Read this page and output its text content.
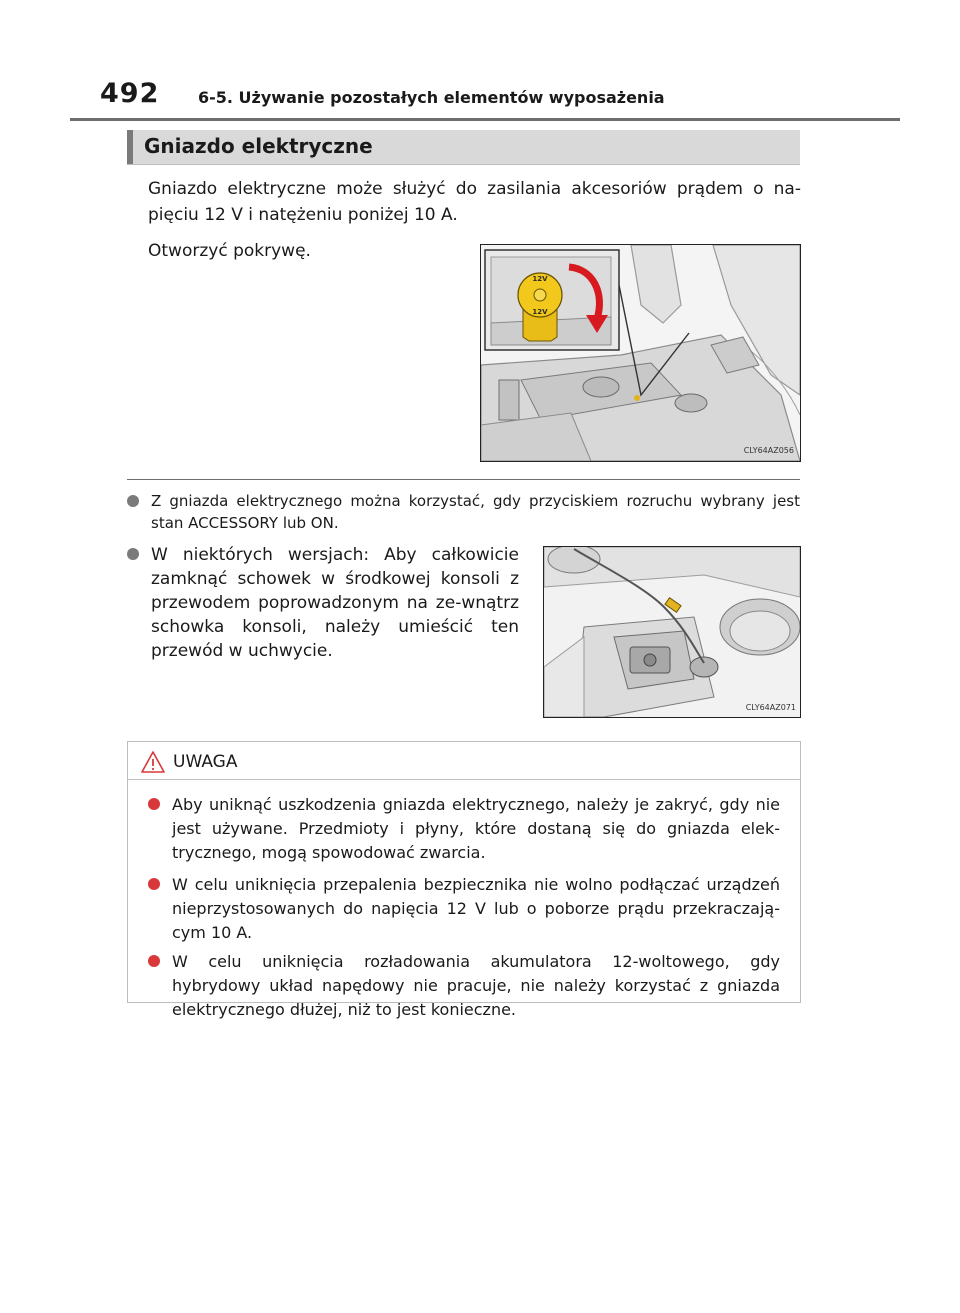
492 6-5. Używanie pozostałych elementów wyposażenia
Gniazdo elektryczne
Gniazdo elektryczne może służyć do zasilania akcesoriów prądem o na-pięciu 12 V i natężeniu poniżej 10 A.
Otworzyć pokrywę.
12V
12V
CLY64AZ056
Z gniazda elektrycznego można korzystać, gdy przyciskiem rozruchu wybrany jest stan ACCESSORY lub ON.
W niektórych wersjach: Aby całkowicie zamknąć schowek w środkowej konsoli z przewodem poprowadzonym na ze-wnątrz schowka konsoli, należy umieścić ten przewód w uchwycie.
CLY64AZ071
UWAGA
Aby uniknąć uszkodzenia gniazda elektrycznego, należy je zakryć, gdy nie jest używane. Przedmioty i płyny, które dostaną się do gniazda elek-trycznego, mogą spowodować zwarcia.
W celu uniknięcia przepalenia bezpiecznika nie wolno podłączać urządzeń nieprzystosowanych do napięcia 12 V lub o poborze prądu przekraczają-cym 10 A.
W celu uniknięcia rozładowania akumulatora 12-woltowego, gdy hybrydowy układ napędowy nie pracuje, nie należy korzystać z gniazda elektrycznego dłużej, niż to jest konieczne.
